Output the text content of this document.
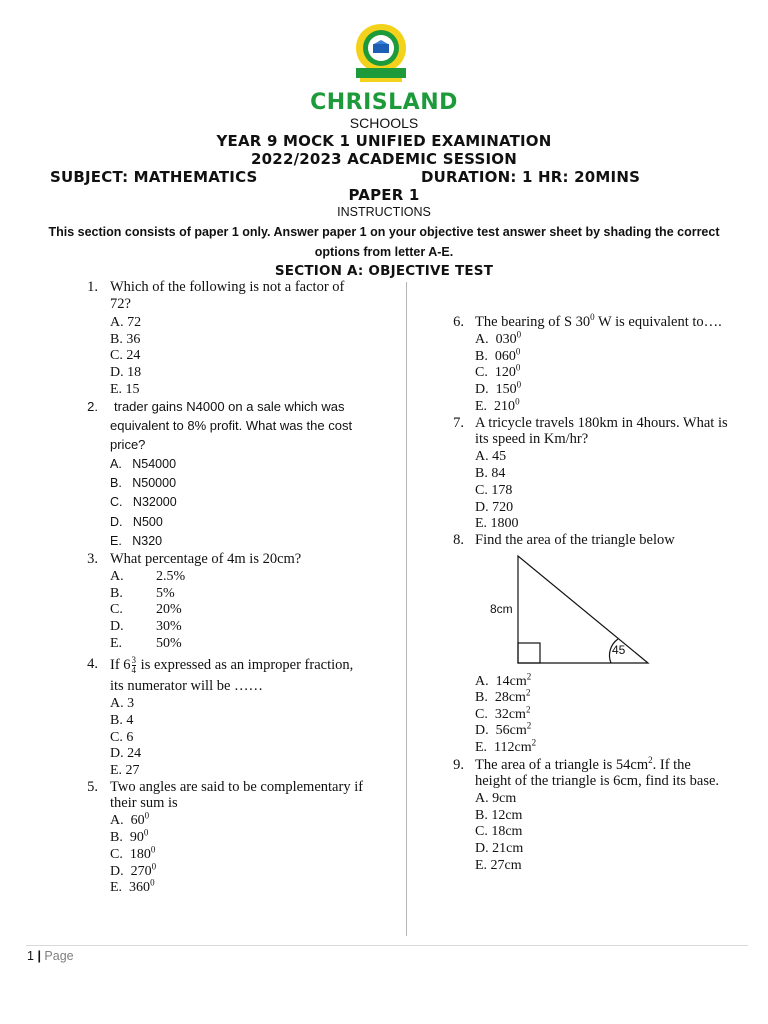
CHRISLAND
SCHOOLS
YEAR 9 MOCK 1 UNIFIED EXAMINATION
2022/2023 ACADEMIC SESSION
SUBJECT: MATHEMATICS	DURATION: 1 HR: 20MINS
PAPER 1
INSTRUCTIONS
This section consists of paper 1 only. Answer paper 1 on your objective test answer sheet by shading the correct
options from letter A-E.
SECTION A: OBJECTIVE TEST
1. Which of the following is not a factor of
72?
A. 72
B. 36
C. 24
D. 18
E. 15
2. trader gains N4000 on a sale which was
equivalent to 8% profit. What was the cost
price?
A.   N54000
B.   N50000
C.   N32000
D.   N500
E.   N320
3. What percentage of 4m is 20cm?
A. 2.5%
B. 5%
C. 20%
D. 30%
E. 50%
4. If $6 \frac{3}{4}$ is expressed as an improper fraction,
its numerator will be ……
A. 3
B. 4
C. 6
D. 24
E. 27
5. Two angles are said to be complementary if
their sum is
A.  $60^0$
B.  $90^0$
C.  $180^0$
D.  $270^0$
E.  $360^0$
6. The bearing of S $30^0$ W is equivalent to….
A.  $030^0$
B.  $060^0$
C.  $120^0$
D.  $150^0$
E.  $210^0$
7. A tricycle travels 180km in 4hours. What is
its speed in Km/hr?
A. 45
B. 84
C. 178
D. 720
E. 1800
8. Find the area of the triangle below
8cm
45
A.  $14cm^2$
B.  $28cm^2$
C.  $32cm^2$
D.  $56cm^2$
E.  $112cm^2$
9. The area of a triangle is $54cm^2$. If the
height of the triangle is 6cm, find its base.
A. 9cm
B. 12cm
C. 18cm
D. 21cm
E. 27cm
1 | Page
